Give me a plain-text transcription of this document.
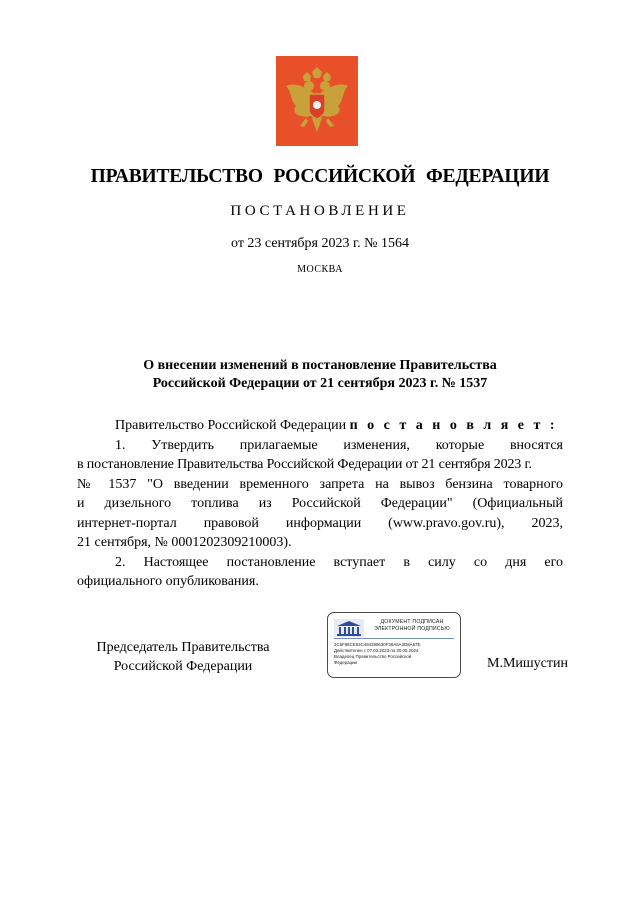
ПРАВИТЕЛЬСТВО РОССИЙСКОЙ ФЕДЕРАЦИИ
ПОСТАНОВЛЕНИЕ
от 23 сентября 2023 г. № 1564
МОСКВА
О внесении изменений в постановление Правительства
Российской Федерации от 21 сентября 2023 г. № 1537

Правительство Российской Федерации п о с т а н о в л я е т :

1. Утвердить прилагаемые изменения, которые вносятся

в постановление Правительства Российской Федерации от 21 сентября 2023 г.

№ 1537 "О введении временного запрета на вывоз бензина товарного

и дизельного топлива из Российской Федерации" (Официальный

интернет-портал правовой информации (www.pravo.gov.ru), 2023,

21 сентября, № 0001202309210003).

2. Настоящее постановление вступает в силу со дня его

официального опубликования.

Председатель Правительства
Российской Федерации
ДОКУМЕНТ ПОДПИСАН
ЭЛЕКТРОННОЙ ПОДПИСЬЮ
2C6F88CE53C484298630F38A6A3D8A57E
Действителен с 07.03.2023 по 30.05.2024
Владелец Правительство Российской
Федерации	М.Мишустин
